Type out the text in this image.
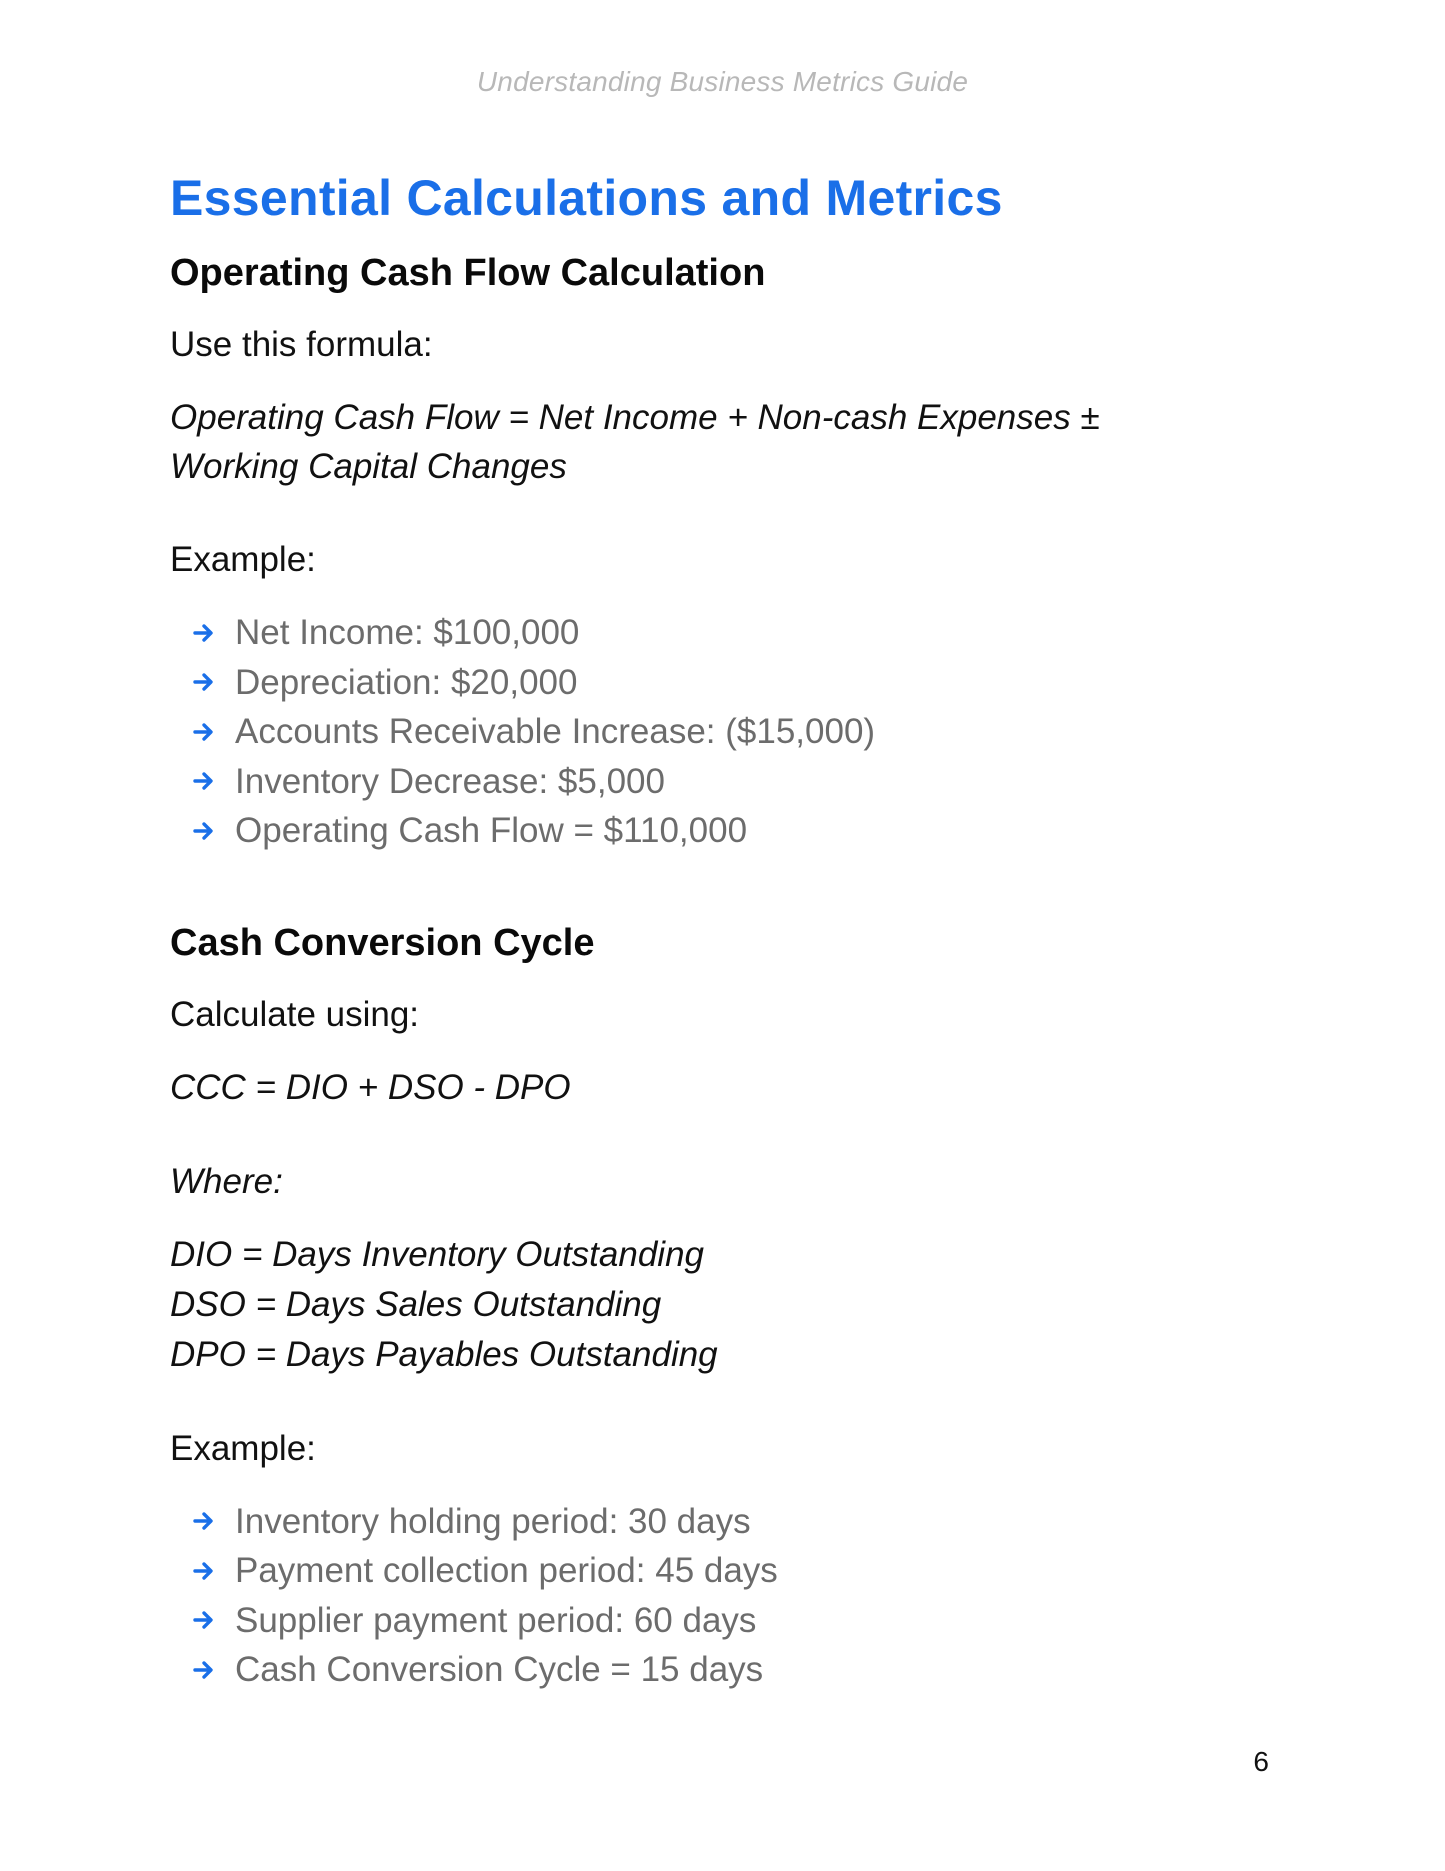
Understanding Business Metrics Guide
Essential Calculations and Metrics
Operating Cash Flow Calculation

Use this formula:

Operating Cash Flow = Net Income + Non-cash Expenses ±

Working Capital Changes

Example:

Net Income: $100,000
Depreciation: $20,000
Accounts Receivable Increase: ($15,000)
Inventory Decrease: $5,000
Operating Cash Flow = $110,000
Cash Conversion Cycle

Calculate using:

CCC = DIO + DSO - DPO

Where:

DIO = Days Inventory Outstanding

DSO = Days Sales Outstanding

DPO = Days Payables Outstanding

Example:

Inventory holding period: 30 days
Payment collection period: 45 days
Supplier payment period: 60 days
Cash Conversion Cycle = 15 days
6
